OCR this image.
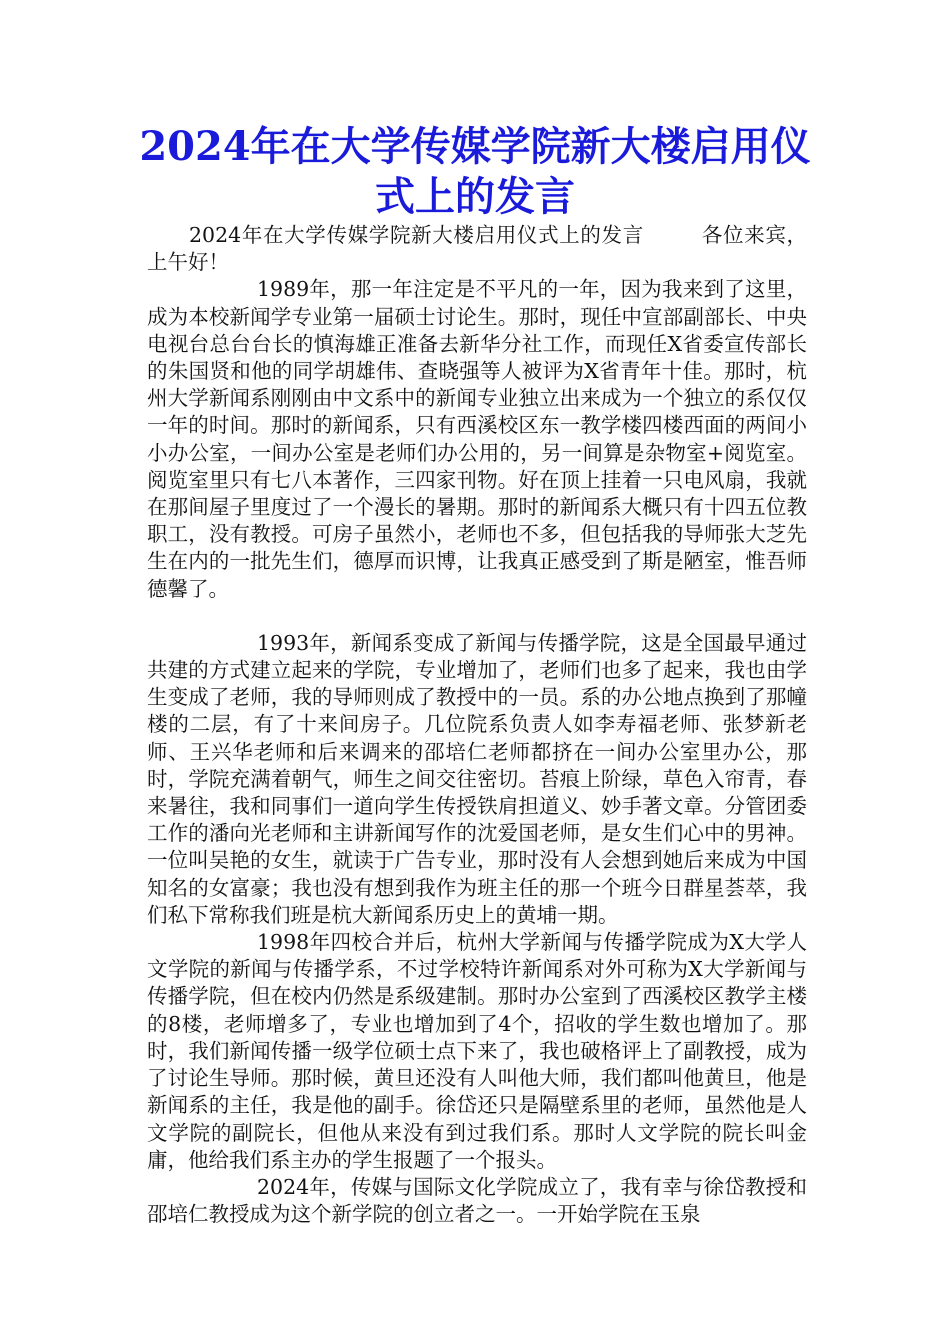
2024年在大学传媒学院新大楼启用仪式上的发言

2024年在大学传媒学院新大楼启用仪式上的发言	各位来宾，上午好！

1989年，那一年注定是不平凡的一年，因为我来到了这里，成为本校新闻学专业第一届硕士讨论生。那时，现任中宣部副部长、中央电视台总台台长的慎海雄正准备去新华分社工作，而现任X省委宣传部长的朱国贤和他的同学胡雄伟、查晓强等人被评为X省青年十佳。那时，杭州大学新闻系刚刚由中文系中的新闻专业独立出来成为一个独立的系仅仅一年的时间。那时的新闻系，只有西溪校区东一教学楼四楼西面的两间小小办公室，一间办公室是老师们办公用的，另一间算是杂物室+阅览室。阅览室里只有七八本著作，三四家刊物。好在顶上挂着一只电风扇，我就在那间屋子里度过了一个漫长的暑期。那时的新闻系大概只有十四五位教职工，没有教授。可房子虽然小，老师也不多，但包括我的导师张大芝先生在内的一批先生们，德厚而识博，让我真正感受到了斯是陋室，惟吾师德馨了。

1993年，新闻系变成了新闻与传播学院，这是全国最早通过共建的方式建立起来的学院，专业增加了，老师们也多了起来，我也由学生变成了老师，我的导师则成了教授中的一员。系的办公地点换到了那幢楼的二层，有了十来间房子。几位院系负责人如李寿福老师、张梦新老师、王兴华老师和后来调来的邵培仁老师都挤在一间办公室里办公，那时，学院充满着朝气，师生之间交往密切。苔痕上阶绿，草色入帘青，春来暑往，我和同事们一道向学生传授铁肩担道义、妙手著文章。分管团委工作的潘向光老师和主讲新闻写作的沈爱国老师，是女生们心中的男神。一位叫吴艳的女生，就读于广告专业，那时没有人会想到她后来成为中国知名的女富豪；我也没有想到我作为班主任的那一个班今日群星荟萃，我们私下常称我们班是杭大新闻系历史上的黄埔一期。

1998年四校合并后，杭州大学新闻与传播学院成为X大学人文学院的新闻与传播学系，不过学校特许新闻系对外可称为X大学新闻与传播学院，但在校内仍然是系级建制。那时办公室到了西溪校区教学主楼的8楼，老师增多了，专业也增加到了4个，招收的学生数也增加了。那时，我们新闻传播一级学位硕士点下来了，我也破格评上了副教授，成为了讨论生导师。那时候，黄旦还没有人叫他大师，我们都叫他黄旦，他是新闻系的主任，我是他的副手。徐岱还只是隔壁系里的老师，虽然他是人文学院的副院长，但他从来没有到过我们系。那时人文学院的院长叫金庸，他给我们系主办的学生报题了一个报头。

2024年，传媒与国际文化学院成立了，我有幸与徐岱教授和邵培仁教授成为这个新学院的创立者之一。一开始学院在玉泉
